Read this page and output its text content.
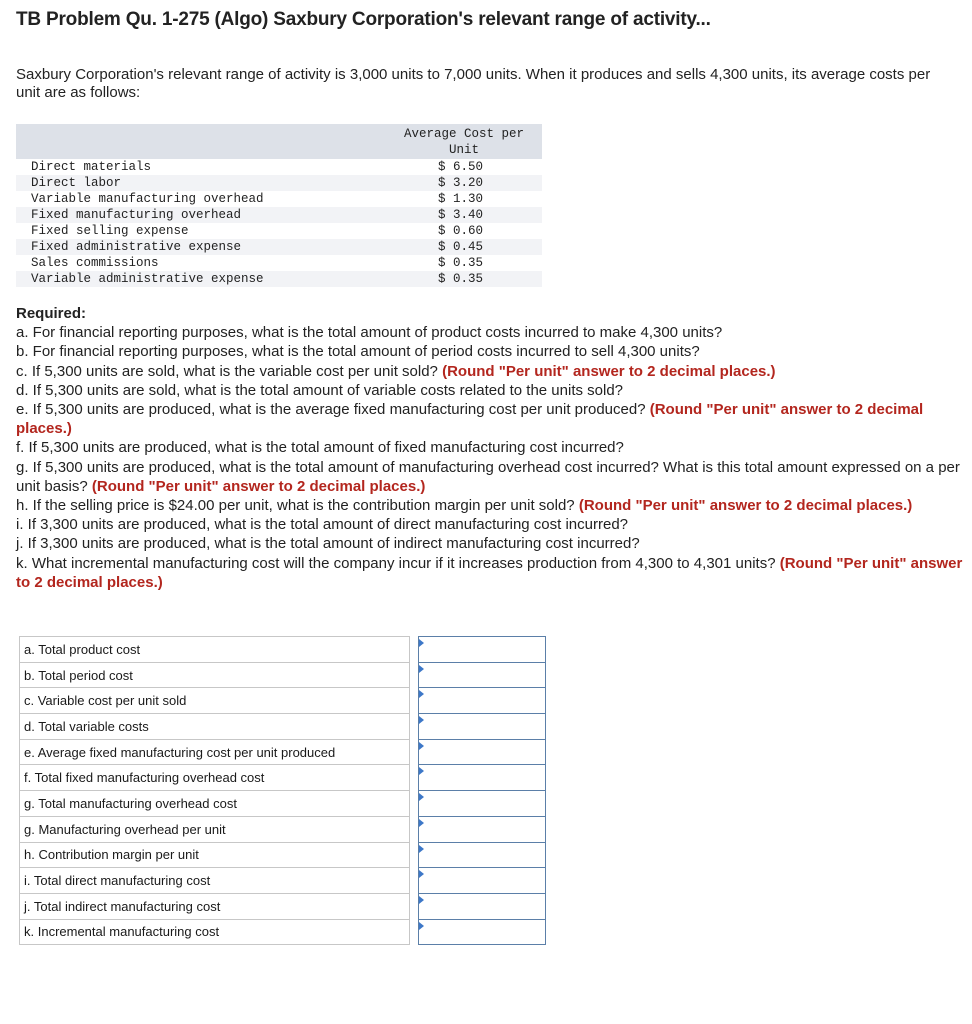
TB Problem Qu. 1-275 (Algo) Saxbury Corporation's relevant range of activity...
Saxbury Corporation's relevant range of activity is 3,000 units to 7,000 units. When it produces and sells 4,300 units, its average costs per unit are as follows:
	Average Cost per
Unit
Direct materials	$ 6.50
Direct labor	$ 3.20
Variable manufacturing overhead	$ 1.30
Fixed manufacturing overhead	$ 3.40
Fixed selling expense	$ 0.60
Fixed administrative expense	$ 0.45
Sales commissions	$ 0.35
Variable administrative expense	$ 0.35
Required:
a. For financial reporting purposes, what is the total amount of product costs incurred to make 4,300 units?
b. For financial reporting purposes, what is the total amount of period costs incurred to sell 4,300 units?
c. If 5,300 units are sold, what is the variable cost per unit sold? (Round "Per unit" answer to 2 decimal places.)
d. If 5,300 units are sold, what is the total amount of variable costs related to the units sold?
e. If 5,300 units are produced, what is the average fixed manufacturing cost per unit produced? (Round "Per unit" answer to 2 decimal places.)
f. If 5,300 units are produced, what is the total amount of fixed manufacturing cost incurred?
g. If 5,300 units are produced, what is the total amount of manufacturing overhead cost incurred? What is this total amount expressed on a per unit basis? (Round "Per unit" answer to 2 decimal places.)
h. If the selling price is $24.00 per unit, what is the contribution margin per unit sold? (Round "Per unit" answer to 2 decimal places.)
i. If 3,300 units are produced, what is the total amount of direct manufacturing cost incurred?
j. If 3,300 units are produced, what is the total amount of indirect manufacturing cost incurred?
k. What incremental manufacturing cost will the company incur if it increases production from 4,300 to 4,301 units? (Round "Per unit" answer to 2 decimal places.)
a. Total product cost		

b. Total period cost		

c. Variable cost per unit sold		

d. Total variable costs		

e. Average fixed manufacturing cost per unit produced		

f. Total fixed manufacturing overhead cost		

g. Total manufacturing overhead cost		

g. Manufacturing overhead per unit		

h. Contribution margin per unit		

i. Total direct manufacturing cost		

j. Total indirect manufacturing cost		

k. Incremental manufacturing cost		
